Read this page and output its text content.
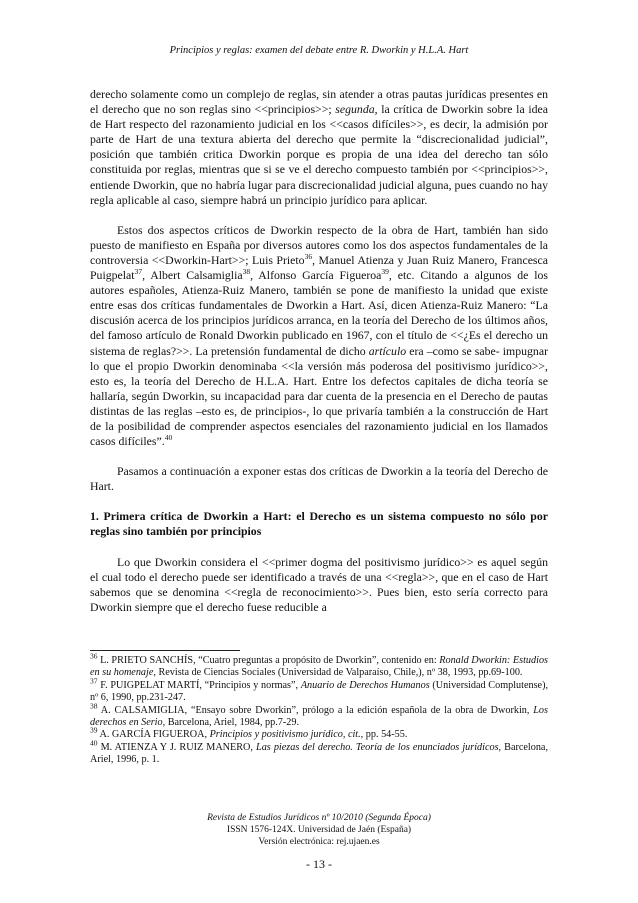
Principios y reglas: examen del debate entre R. Dworkin y H.L.A. Hart

derecho solamente como un complejo de reglas, sin atender a otras pautas jurídicas presentes en el derecho que no son reglas sino <<principios>>; segunda, la crítica de Dworkin sobre la idea de Hart respecto del razonamiento judicial en los <<casos difíciles>>, es decir, la admisión por parte de Hart de una textura abierta del derecho que permite la “discrecionalidad judicial”, posición que también critica Dworkin porque es propia de una idea del derecho tan sólo constituida por reglas, mientras que si se ve el derecho compuesto también por <<principios>>, entiende Dworkin, que no habría lugar para discrecionalidad judicial alguna, pues cuando no hay regla aplicable al caso, siempre habrá un principio jurídico para aplicar.

Estos dos aspectos críticos de Dworkin respecto de la obra de Hart, también han sido puesto de manifiesto en España por diversos autores como los dos aspectos fundamentales de la controversia <<Dworkin-Hart>>; Luis Prieto$^{36}$, Manuel Atienza y Juan Ruiz Manero, Francesca Puigpelat$^{37}$, Albert Calsamiglia$^{38}$, Alfonso García Figueroa$^{39}$, etc. Citando a algunos de los autores españoles, Atienza-Ruiz Manero, también se pone de manifiesto la unidad que existe entre esas dos críticas fundamentales de Dworkin a Hart. Así, dicen Atienza-Ruiz Manero: “La discusión acerca de los principios jurídicos arranca, en la teoría del Derecho de los últimos años, del famoso artículo de Ronald Dworkin publicado en 1967, con el título de <<¿Es el derecho un sistema de reglas?>>. La pretensión fundamental de dicho artículo era –como se sabe- impugnar lo que el propio Dworkin denominaba <<la versión más poderosa del positivismo jurídico>>, esto es, la teoría del Derecho de H.L.A. Hart. Entre los defectos capitales de dicha teoría se hallaría, según Dworkin, su incapacidad para dar cuenta de la presencia en el Derecho de pautas distintas de las reglas –esto es, de principios-, lo que privaría también a la construcción de Hart de la posibilidad de comprender aspectos esenciales del razonamiento judicial en los llamados casos difíciles”.$^{40}$

Pasamos a continuación a exponer estas dos críticas de Dworkin a la teoría del Derecho de Hart.

1. Primera crítica de Dworkin a Hart: el Derecho es un sistema compuesto no sólo por reglas sino también por principios

Lo que Dworkin considera el <<primer dogma del positivismo jurídico>> es aquel según el cual todo el derecho puede ser identificado a través de una <<regla>>, que en el caso de Hart sabemos que se denomina <<regla de reconocimiento>>. Pues bien, esto sería correcto para Dworkin siempre que el derecho fuese reducible a

$^{36}$ L. PRIETO SANCHÍS, “Cuatro preguntas a propósito de Dworkin”, contenido en: Ronald Dworkin: Estudios en su homenaje, Revista de Ciencias Sociales (Universidad de Valparaíso, Chile,), nº 38, 1993, pp.69-100.

$^{37}$ F. PUIGPELAT MARTÍ, “Principios y normas”, Anuario de Derechos Humanos (Universidad Complutense), nº 6, 1990, pp.231-247.

$^{38}$ A. CALSAMIGLIA, “Ensayo sobre Dworkin”, prólogo a la edición española de la obra de Dworkin, Los derechos en Serio, Barcelona, Ariel, 1984, pp.7-29.

$^{39}$ A. GARCÍA FIGUEROA, Principios y positivismo jurídico, cit., pp. 54-55.

$^{40}$ M. ATIENZA Y J. RUIZ MANERO, Las piezas del derecho. Teoría de los enunciados jurídicos, Barcelona, Ariel, 1996, p. 1.

Revista de Estudios Jurídicos nº 10/2010 (Segunda Época)
ISSN 1576-124X. Universidad de Jaén (España)
Versión electrónica: rej.ujaen.es
- 13 -
